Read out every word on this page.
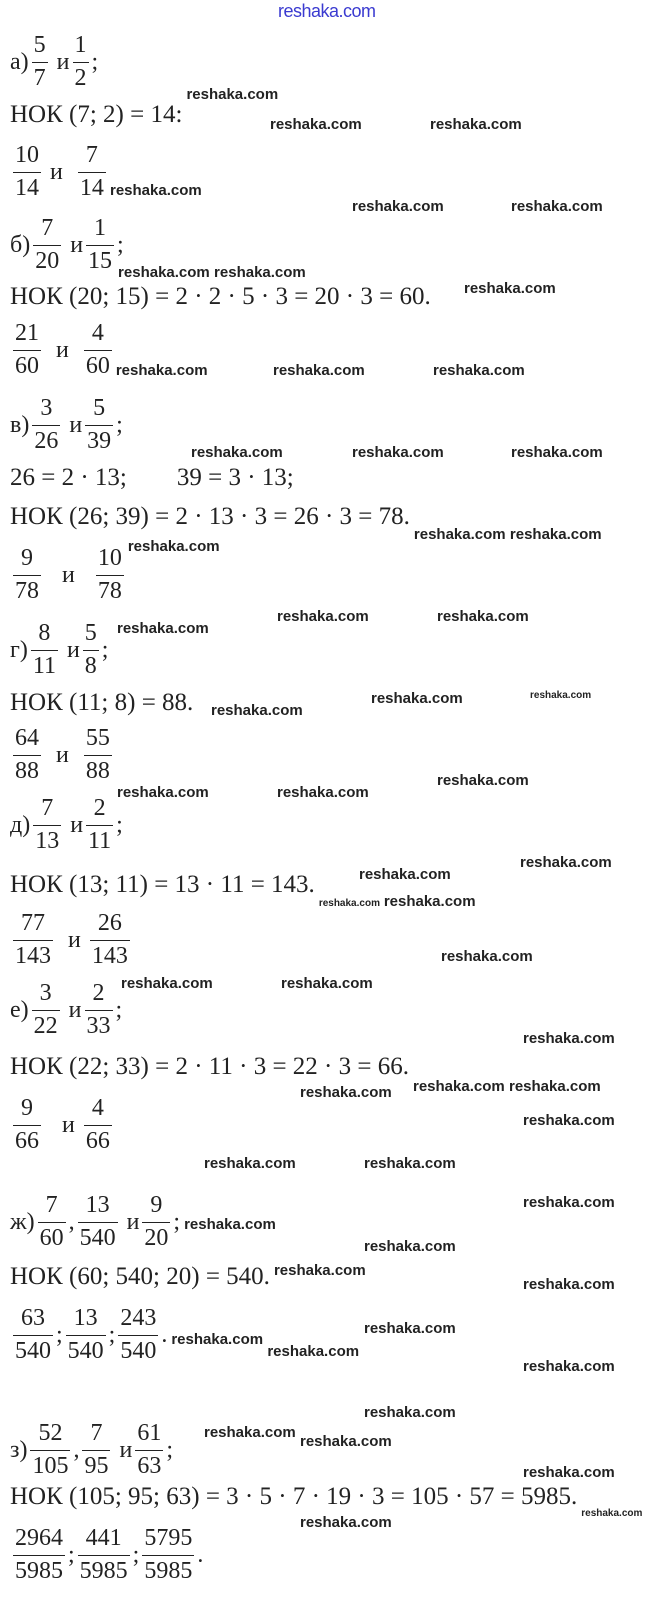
reshaka.com
$а) \frac{5}{7}$ и $\frac{1}{2}$ ;
НОК (7; 2) = 14:
$\frac{10}{14}$ и $\frac{7}{14}$
$б) \frac{7}{20}$ и $\frac{1}{15}$ ;
НОК (20; 15) = 2 · 2 · 5 · 3 = 20 · 3 = 60.
$\frac{21}{60}$ и $\frac{4}{60}$
$в) \frac{3}{26}$ и $\frac{5}{39}$ ;
26 = 2 · 13;        39 = 3 · 13;
НОК (26; 39) = 2 · 13 · 3 = 26 · 3 = 78.
$\frac{9}{78}$ и $\frac{10}{78}$
$г) \frac{8}{11}$ и $\frac{5}{8}$ ;
НОК (11; 8) = 88.
$\frac{64}{88}$ и $\frac{55}{88}$
$д) \frac{7}{13}$ и $\frac{2}{11}$ ;
НОК (13; 11) = 13 · 11 = 143.
$\frac{77}{143}$ и $\frac{26}{143}$
$е) \frac{3}{22}$ и $\frac{2}{33}$ ;
НОК (22; 33) = 2 · 11 · 3 = 22 · 3 = 66.
$\frac{9}{66}$ и $\frac{4}{66}$
$ж) \frac{7}{60}$ , $\frac{13}{540}$ и $\frac{9}{20}$ ;
НОК (60; 540; 20) = 540.
$\frac{63}{540}$ ; $\frac{13}{540}$ ; $\frac{243}{540}$ .
$з) \frac{52}{105}$ , $\frac{7}{95}$ и $\frac{61}{63}$ ;
НОК (105; 95; 63) = 3 · 5 · 7 · 19 · 3 = 105 · 57 = 5985.
$\frac{2964}{5985}$ ; $\frac{441}{5985}$ ; $\frac{5795}{5985}$ .
reshaka.com
reshaka.com	reshaka.com
reshaka.com
reshaka.com	reshaka.com
reshaka.com reshaka.com
reshaka.com
reshaka.com	reshaka.com	reshaka.com
reshaka.com	reshaka.com	reshaka.com
reshaka.com reshaka.com
reshaka.com
reshaka.com
reshaka.com	reshaka.com
reshaka.com
reshaka.com	reshaka.com
reshaka.com	reshaka.com
reshaka.com
reshaka.com
reshaka.com
reshaka.com reshaka.com
reshaka.com
reshaka.com	reshaka.com
reshaka.com
reshaka.com reshaka.com
reshaka.com
reshaka.com
reshaka.com	reshaka.com
reshaka.com
reshaka.com
reshaka.com
reshaka.com
reshaka.com
reshaka.com
reshaka.com
reshaka.com
reshaka.com
reshaka.com
reshaka.com
reshaka.com
reshaka.com
reshaka.com
reshaka.com
